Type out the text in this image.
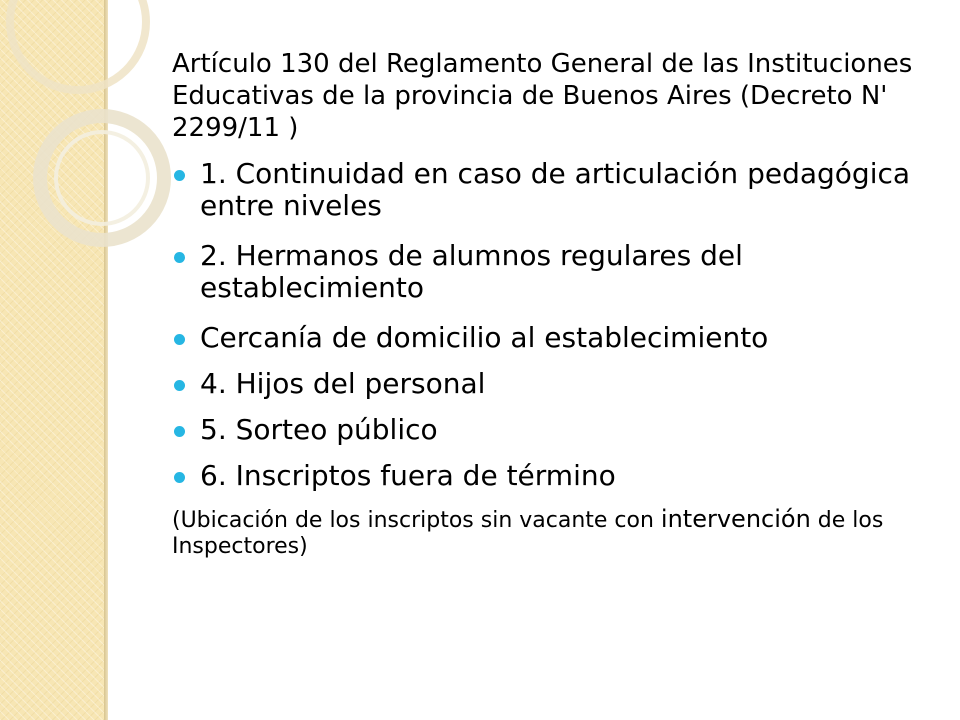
Artículo 130 del Reglamento General de las Instituciones Educativas de la provincia de Buenos Aires (Decreto N' 2299/11 )

1. Continuidad en caso de articulación pedagógica entre niveles
2. Hermanos de alumnos regulares del establecimiento
Cercanía de domicilio al establecimiento
4. Hijos del personal
5. Sorteo público
6. Inscriptos fuera de término

(Ubicación de los inscriptos sin vacante con intervención de los Inspectores)
